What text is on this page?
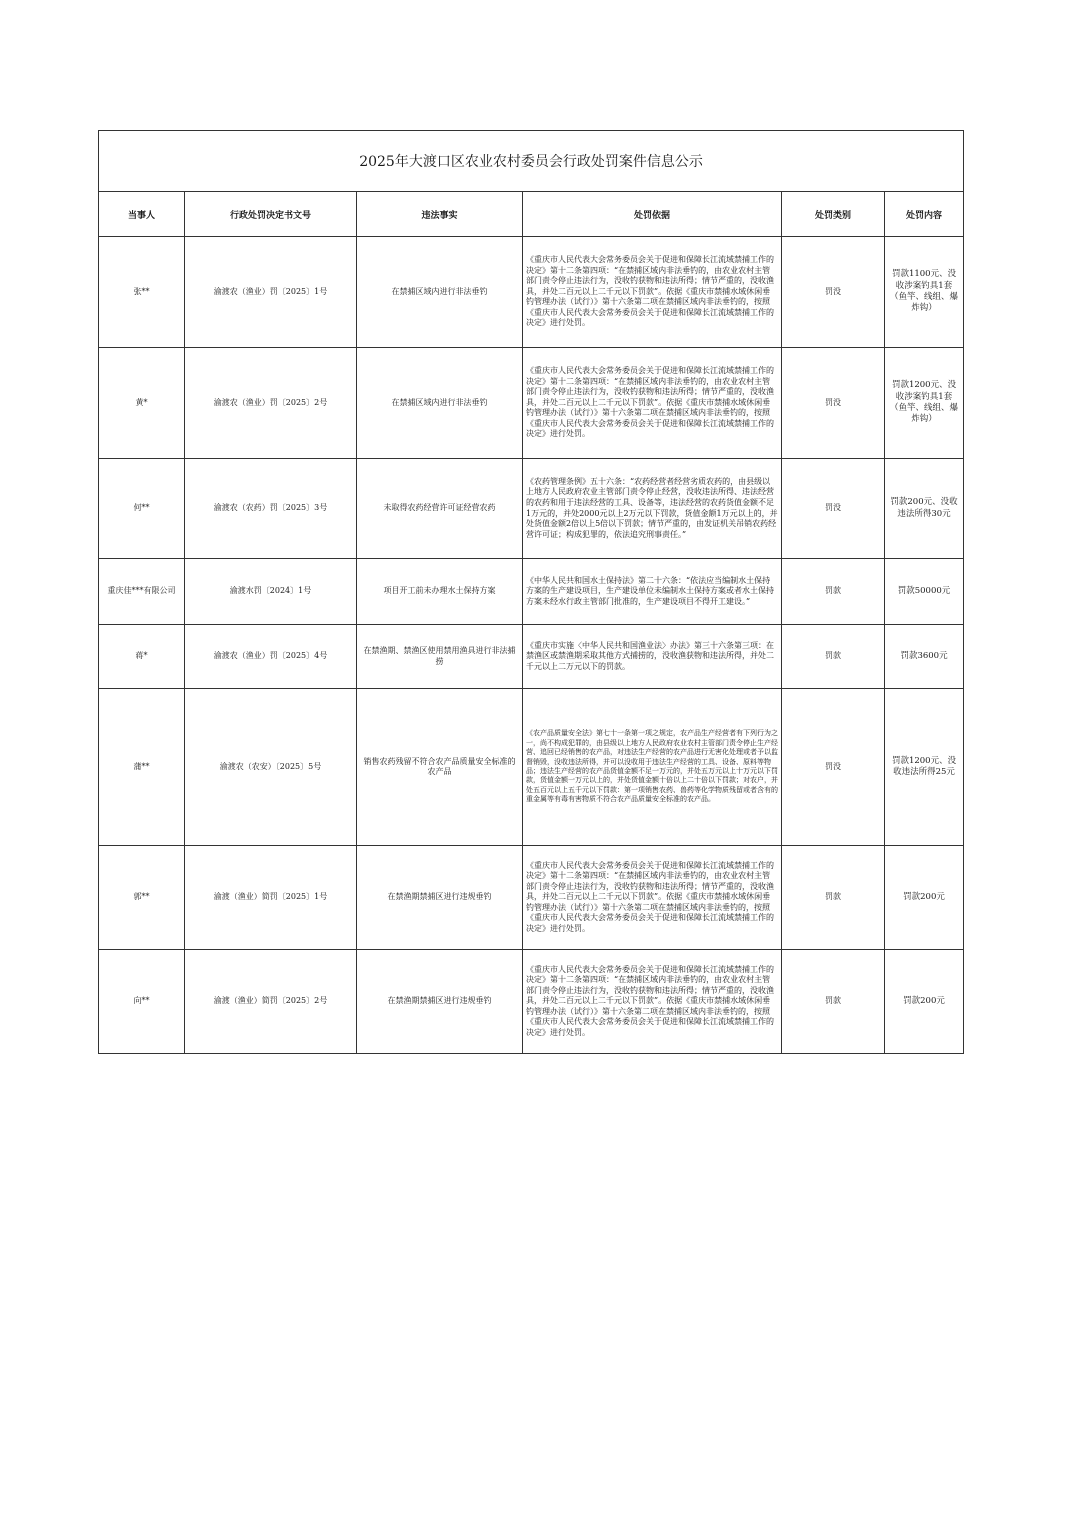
2025年大渡口区农业农村委员会行政处罚案件信息公示					
当事人	行政处罚决定书文号	违法事实	处罚依据	处罚类别	处罚内容
张**	渝渡农（渔业）罚〔2025〕1号	在禁捕区域内进行非法垂钓	《重庆市人民代表大会常务委员会关于促进和保障长江流域禁捕工作的决定》第十二条第四项：“在禁捕区域内非法垂钓的，由农业农村主管部门责令停止违法行为，没收钓获物和违法所得；情节严重的，没收渔具，并处二百元以上二千元以下罚款”。依据《重庆市禁捕水域休闲垂钓管理办法（试行）》第十六条第二项在禁捕区域内非法垂钓的，按照《重庆市人民代表大会常务委员会关于促进和保障长江流域禁捕工作的决定》进行处罚。	罚没	罚款1100元、没收涉案钓具1套（鱼竿、线组、爆炸钩）
黄*	渝渡农（渔业）罚〔2025〕2号	在禁捕区域内进行非法垂钓	《重庆市人民代表大会常务委员会关于促进和保障长江流域禁捕工作的决定》第十二条第四项：“在禁捕区域内非法垂钓的，由农业农村主管部门责令停止违法行为，没收钓获物和违法所得；情节严重的，没收渔具，并处二百元以上二千元以下罚款”。依据《重庆市禁捕水域休闲垂钓管理办法（试行）》第十六条第二项在禁捕区域内非法垂钓的，按照《重庆市人民代表大会常务委员会关于促进和保障长江流域禁捕工作的决定》进行处罚。	罚没	罚款1200元、没收涉案钓具1套（鱼竿、线组、爆炸钩）
何**	渝渡农（农药）罚〔2025〕3号	未取得农药经营许可证经营农药	《农药管理条例》五十六条：“农药经营者经营劣质农药的，由县级以上地方人民政府农业主管部门责令停止经营，没收违法所得、违法经营的农药和用于违法经营的工具、设备等，违法经营的农药货值金额不足1万元的，并处2000元以上2万元以下罚款，货值金额1万元以上的，并处货值金额2倍以上5倍以下罚款；情节严重的，由发证机关吊销农药经营许可证；构成犯罪的，依法追究刑事责任。”	罚没	罚款200元、没收违法所得30元
重庆佳***有限公司	渝渡水罚〔2024〕1号	项目开工前未办理水土保持方案	《中华人民共和国水土保持法》第二十六条：“依法应当编制水土保持方案的生产建设项目，生产建设单位未编制水土保持方案或者水土保持方案未经水行政主管部门批准的，生产建设项目不得开工建设。”	罚款	罚款50000元
蒋*	渝渡农（渔业）罚〔2025〕4号	在禁渔期、禁渔区使用禁用渔具进行非法捕捞	《重庆市实施〈中华人民共和国渔业法〉办法》第三十六条第三项：在禁渔区或禁渔期采取其他方式捕捞的，没收渔获物和违法所得，并处二千元以上二万元以下的罚款。	罚款	罚款3600元
蒲**	渝渡农（农安）〔2025〕5号	销售农药残留不符合农产品质量安全标准的农产品	《农产品质量安全法》第七十一条第一项之规定，农产品生产经营者有下列行为之一，尚不构成犯罪的，由县级以上地方人民政府农业农村主管部门责令停止生产经营、追回已经销售的农产品，对违法生产经营的农产品进行无害化处理或者予以监督销毁，没收违法所得，并可以没收用于违法生产经营的工具、设备、原料等物品；违法生产经营的农产品货值金额不足一万元的，并处五万元以上十万元以下罚款，货值金额一万元以上的，并处货值金额十倍以上二十倍以下罚款；对农户，并处五百元以上五千元以下罚款：第一项销售农药、兽药等化学物质残留或者含有的重金属等有毒有害物质不符合农产品质量安全标准的农产品。	罚没	罚款1200元、没收违法所得25元
郭**	渝渡（渔业）简罚〔2025〕1号	在禁渔期禁捕区进行违规垂钓	《重庆市人民代表大会常务委员会关于促进和保障长江流域禁捕工作的决定》第十二条第四项：“在禁捕区域内非法垂钓的，由农业农村主管部门责令停止违法行为，没收钓获物和违法所得；情节严重的，没收渔具，并处二百元以上二千元以下罚款”。依据《重庆市禁捕水域休闲垂钓管理办法（试行）》第十六条第二项在禁捕区域内非法垂钓的，按照《重庆市人民代表大会常务委员会关于促进和保障长江流域禁捕工作的决定》进行处罚。	罚款	罚款200元
向**	渝渡（渔业）简罚〔2025〕2号	在禁渔期禁捕区进行违规垂钓	《重庆市人民代表大会常务委员会关于促进和保障长江流域禁捕工作的决定》第十二条第四项：“在禁捕区域内非法垂钓的，由农业农村主管部门责令停止违法行为，没收钓获物和违法所得；情节严重的，没收渔具，并处二百元以上二千元以下罚款”。依据《重庆市禁捕水域休闲垂钓管理办法（试行）》第十六条第二项在禁捕区域内非法垂钓的，按照《重庆市人民代表大会常务委员会关于促进和保障长江流域禁捕工作的决定》进行处罚。	罚款	罚款200元
